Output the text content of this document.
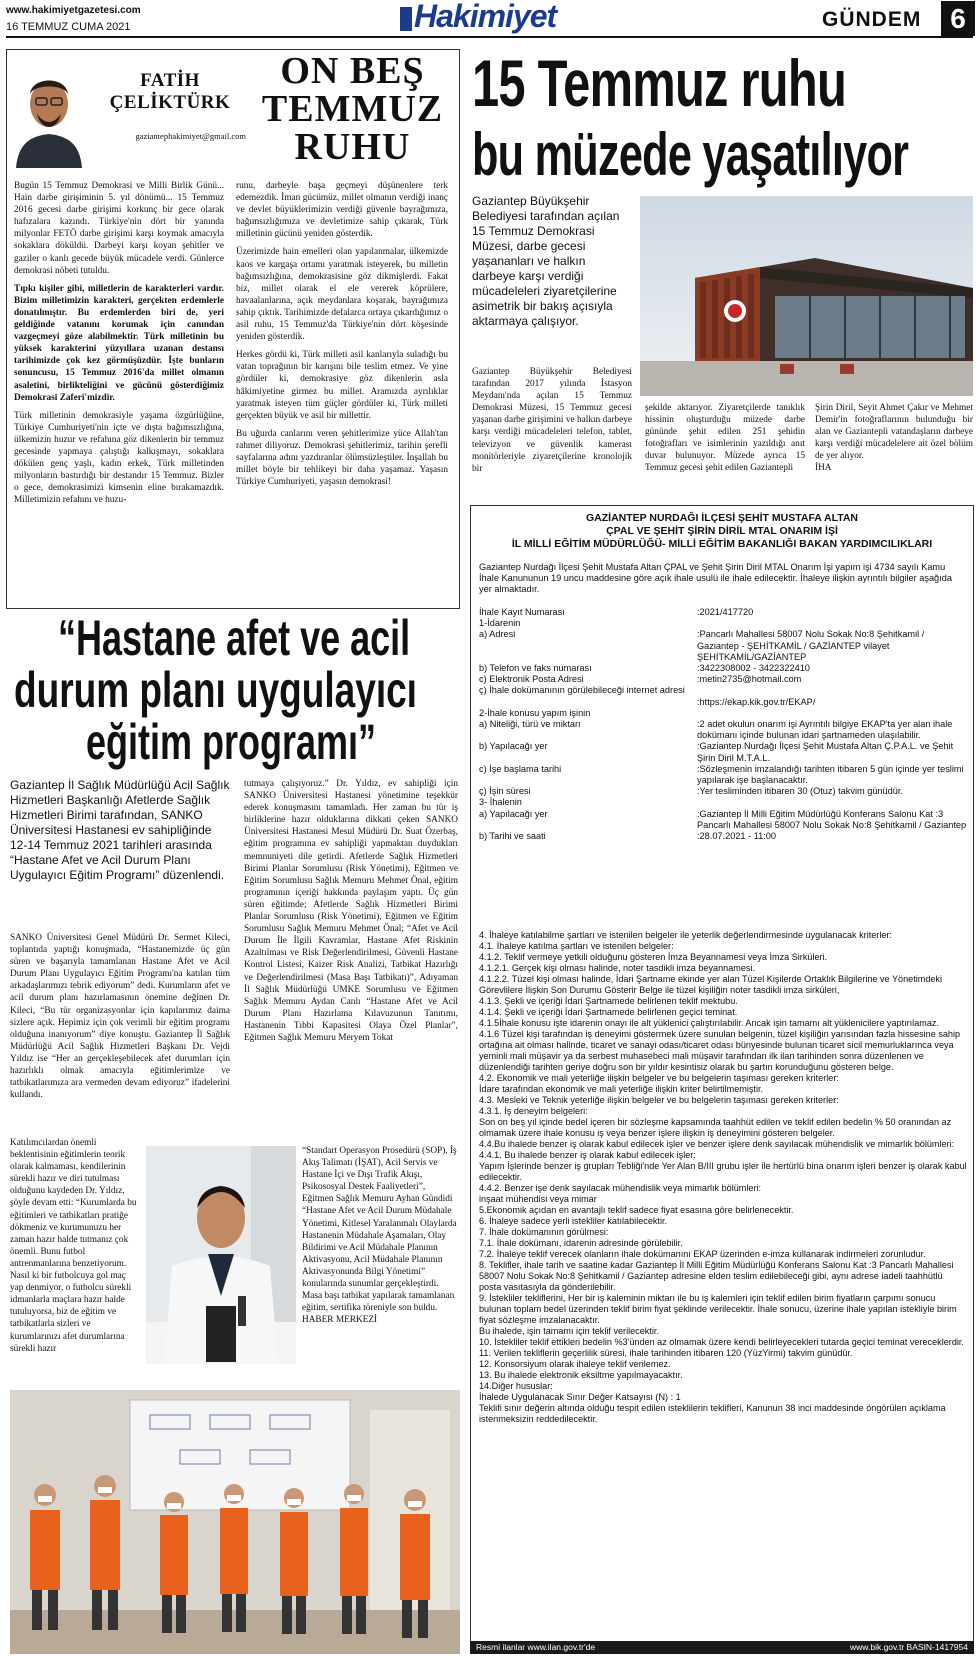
www.hakimiyetgazetesi.com
16 TEMMUZ CUMA 2021	Hakimiyet	GÜNDEM	6
FATİH
ÇELİKTÜRK
gaziantephakimiyet@gmail.com
ON BEŞ
TEMMUZ
RUHU

Bugün 15 Temmuz Demokrasi ve Milli Birlik Günü... Hain darbe girişiminin 5. yıl dönümü... 15 Temmuz 2016 gecesi darbe girişimi korkunç bir gece olarak hafızalara kazındı. Türkiye'nin dört bir yanında milyonlar FETÖ darbe girişimi karşı koymak amacıyla sokaklara döküldü. Darbeyi karşı koyan şehitler ve gaziler o kanlı gecede büyük mücadele verdi. Günlerce demokrasi nöbeti tutuldu.

Tıpkı kişiler gibi, milletlerin de karakterleri vardır. Bizim milletimizin karakteri, gerçekten erdemlerle donatılmıştır. Bu erdemlerden biri de, yeri geldiğinde vatanını korumak için canından vazgeçmeyi göze alabilmektir. Türk milletinin bu yüksek karakterini yüzyıllara uzanan destansı tarihimizde çok kez görmüşüzdür. İşte bunların sonuncusu, 15 Temmuz 2016'da millet olmanın asaletini, birlikteliğini ve gücünü gösterdiğimiz Demokrasi Zaferi'mizdir.

Türk milletinin demokrasiyle yaşama özgürlüğüne, Türkiye Cumhuriyeti'nin içte ve dışta bağımsızlığına, ülkemizin huzur ve refahına göz dikenlerin bir temmuz gecesinde yapmaya çalıştığı kalkışmayı, sokaklara dökülen genç yaşlı, kadın erkek, Türk milletinden milyonların bastırdığı bir destandır 15 Temmuz. Bizler o gece, demokrasimizi kimsenin eline bırakamazdık. Milletimizin refahını ve huzu-

runu, darbeyle başa geçmeyi düşünenlere terk edemezdik. İman gücümüz, millet olmanın verdiği inanç ve devlet büyüklerimizin verdiği güvenle bayrağımıza, bağımsızlığımıza ve devletimize sahip çıkarak, Türk milletinin gücünü yeniden gösterdik.

Üzerimizde hain emelleri olan yapılanmalar, ülkemizde kaos ve kargaşa ortamı yaratmak isteyerek, bu milletin bağımsızlığına, demokrasisine göz dikmişlerdi. Fakat biz, millet olarak el ele vererek köprülere, havaalanlarına, açık meydanlara koşarak, bayrağımıza sahip çıktık. Tarihimizde defalarca ortaya çıkardığımız o asil ruhu, 15 Temmuz'da Türkiye'nin dört köşesinde yeniden gösterdik.

Herkes gördü ki, Türk milleti asil kanlarıyla suladığı bu vatan toprağının bir karışını bile teslim etmez. Ve yine gördüler ki, demokrasiye göz dikenlerin asla hâkimiyetine girmez bu millet. Aramızda ayrılıklar yaratmak isteyen tüm güçler gördüler ki, Türk milleti gerçekten büyük ve asil bir millettir.

Bu uğurda canlarını veren şehitlerimize yüce Allah'tan rahmet diliyoruz. Demokrasi şehitlerimiz, tarihin şerefli sayfalarına adını yazdıranlar ölümsüzleştiler. İnşallah bu millet böyle bir tehlikeyi bir daha yaşamaz. Yaşasın Türkiye Cumhuriyeti, yaşasın demokrasi!

15 Temmuz ruhu
bu müzede yaşatılıyor
Gaziantep Büyükşehir Belediyesi tarafından açılan 15 Temmuz Demokrasi Müzesi, darbe gecesi yaşananları ve halkın darbeye karşı verdiği mücadeleleri ziyaretçilerine asimetrik bir bakış açısıyla aktarmaya çalışıyor.
Gaziantep Büyükşehir Belediyesi tarafından 2017 yılında İstasyon Meydanı'nda açılan 15 Temmuz Demokrasi Müzesi, 15 Temmuz gecesi yaşanan darbe girişimini ve halkın darbeye karşı verdiği mücadeleleri telefon, tablet, televizyon ve güvenlik kamerası monitörleriyle ziyaretçilerine kronolojik bir
şekilde aktarıyor. Ziyaretçilerde tanıklık hissinin oluşturduğu müzede darbe gününde şehit edilen 251 şehidin fotoğrafları ve isimlerinin yazıldığı anıt duvar bulunuyor. Müzede ayrıca 15 Temmuz gecesi şehit edilen Gaziantepli
Şirin Diril, Seyit Ahmet Çakır ve Mehmet Demir'in fotoğraflarının bulunduğu bir alan ve Gaziantepli vatandaşların darbeye karşı verdiği mücadelelere ait özel bölüm de yer alıyor.
İHA
“Hastane afet ve acil
durum planı uygulayıcı
eğitim programı”
Gaziantep İl Sağlık Müdürlüğü Acil Sağlık Hizmetleri Başkanlığı Afetlerde Sağlık Hizmetleri Birimi tarafından, SANKO Üniversitesi Hastanesi ev sahipliğinde 12-14 Temmuz 2021 tarihleri arasında “Hastane Afet ve Acil Durum Planı Uygulayıcı Eğitim Programı” düzenlendi.
SANKO Üniversitesi Genel Müdürü Dr. Sermet Kileci, toplantıda yaptığı konuşmada, “Hastanemizde üç gün süren ve başarıyla tamamlanan Hastane Afet ve Acil Durum Planı Uygulayıcı Eğitim Programı'na katılan tüm arkadaşlarımızı tebrik ediyorum” dedi. Kurumların afet ve acil durum planı hazırlamasının önemine değinen Dr. Kileci, “Bu tür organizasyonlar için kapılarımız daima sizlere açık. Hepimiz için çok verimli bir eğitim programı olduğuna inanıyorum” diye konuştu. Gaziantep İl Sağlık Müdürlüğü Acil Sağlık Hizmetleri Başkanı Dr. Vejdi Yıldız ise “Her an gerçekleşebilecek afet durumları için hazırlıklı olmak amacıyla eğitimlerimize ve tatbikatlarımıza ara vermeden devam ediyoruz” ifadelerini kullandı.
Katılımcılardan önemli beklentisinin eğitimlerin teorik olarak kalmaması, kendilerinin sürekli hazır ve diri tutulması olduğunu kaydeden Dr. Yıldız, şöyle devam etti: “Kurumlarda bu eğitimleri ve tatbikatları pratiğe dökmeniz ve kurumunuzu her zaman hazır halde tutmanız çok önemli. Bunu futbol antrenmanlarına benzetiyorum. Nasıl ki bir futbolcuya gol maç yap denmiyor, o futbolcu sürekli idmanlarla maçlara hazır halde tutuluyorsa, biz de eğitim ve tatbikatlarla sizleri ve kurumlarınızı afet durumlarına sürekli hazır
tutmaya çalışıyoruz.” Dr. Yıldız, ev sahipliği için SANKO Üniversitesi Hastanesi yönetimine teşekkür ederek konuşmasını tamamladı. Her zaman bu tür iş birliklerine hazır olduklarına dikkati çeken SANKO Üniversitesi Hastanesi Mesul Müdürü Dr. Suat Özerbaş, eğitim programına ev sahipliği yapmaktan duydukları memnuniyeti dile getirdi. Afetlerde Sağlık Hizmetleri Birimi Planlar Sorumlusu (Risk Yönetimi), Eğitmen ve Eğitim Sorumlusu Sağlık Memuru Mehmet Önal, eğitim programının içeriği hakkında paylaşım yaptı. Üç gün süren eğitimde; Afetlerde Sağlık Hizmetleri Birimi Planlar Sorumlusu (Risk Yönetimi), Eğitmen ve Eğitim Sorumlusu Sağlık Memuru Mehmet Önal; “Afet ve Acil Durum İle İlgili Kavramlar, Hastane Afet Riskinin Azaltılması ve Risk Değerlendirilmesi, Güvenli Hastane Kontrol Listesi, Kaizer Risk Analizi, Tatbikat Hazırlığı ve Değerlendirilmesi (Masa Başı Tatbikatı)”, Adıyaman İl Sağlık Müdürlüğü UMKE Sorumlusu ve Eğitmen Sağlık Memuru Aydan Canlı “Hastane Afet ve Acil Durum Planı Hazırlama Kılavuzunun Tanıtımı, Hastanenin Tıbbi Kapasitesi Olaya Özel Planlar”, Eğitmen Sağlık Memuru Meryem Tokat
“Standart Operasyon Prosedürü (SOP), İş Akış Talimatı (İŞAT), Acil Servis ve Hastane İçi ve Dışı Trafik Akışı, Psikososyal Destek Faaliyetleri”, Eğitmen Sağlık Memuru Ayhan Gündidi “Hastane Afet ve Acil Durum Müdahale Yönetimi, Kitlesel Yaralanmalı Olaylarda Hastanenin Müdahale Aşamaları, Olay Bildirimi ve Acil Müdahale Planının Aktivasyonu, Acil Müdahale Planının Aktivasyonunda Bilgi Yönetimi” konularında sunumlar gerçekleştirdi. Masa başı tatbikat yapılarak tamamlanan eğitim, sertifika töreniyle son buldu.
HABER MERKEZİ
GAZİANTEP NURDAĞI İLÇESİ ŞEHİT MUSTAFA ALTAN
ÇPAL VE ŞEHİT ŞİRİN DİRİL MTAL ONARIM İŞİ
İL MİLLİ EĞİTİM MÜDÜRLÜĞÜ- MİLLİ EĞİTİM BAKANLIĞI BAKAN YARDIMCILIKLARI
Gaziantep Nurdağı İlçesi Şehit Mustafa Altan ÇPAL ve Şehit Şirin Diril MTAL Onarım İşi yapım işi 4734 sayılı Kamu İhale Kanununun 19 uncu maddesine göre açık ihale usulü ile ihale edilecektir. İhaleye ilişkin ayrıntılı bilgiler aşağıda yer almaktadır.
İhale Kayıt Numarası	:2021/417720
1-İdarenin
a) Adresi	:Pancarlı Mahallesi 58007 Nolu Sokak No:8 Şehitkamil / Gaziantep - ŞEHİTKAMİL / GAZİANTEP vilayet ŞEHİTKAMİL/GAZİANTEP
b) Telefon ve faks numarası	:3422308002 - 3422322410
c) Elektronik Posta Adresi	:metin2735@hotmail.com
ç) İhale dokümanının görülebileceği internet adresi
:https://ekap.kik.gov.tr/EKAP/
2-İhale konusu yapım işinin
a) Niteliği, türü ve miktarı	:2 adet okulun onarım işi Ayrıntılı bilgiye EKAP'ta yer alan ihale dokümanı içinde bulunan idari şartnameden ulaşılabilir.
b) Yapılacağı yer	:Gaziantep Nurdağı İlçesi Şehit Mustafa Altan Ç.P.A.L. ve Şehit Şirin Diril M.T.A.L.
c) İşe başlama tarihi	:Sözleşmenin imzalandığı tarihten itibaren 5 gün içinde yer teslimi yapılarak işe başlanacaktır.
ç) İşin süresi	:Yer tesliminden itibaren 30 (Otuz) takvim günüdür.
3- İhalenin
a) Yapılacağı yer	:Gaziantep İl Milli Eğitim Müdürlüğü Konferans Salonu Kat :3 Pancarlı Mahallesi 58007 Nolu Sokak No:8 Şehitkamil / Gaziantep
b) Tarihi ve saati	:28.07.2021 - 11:00

4. İhaleye katılabilme şartları ve istenilen belgeler ile yeterlik değerlendirmesinde uygulanacak kriterler:

4.1. İhaleye katılma şartları ve istenilen belgeler:

4.1.2. Teklif vermeye yetkili olduğunu gösteren İmza Beyannamesi veya İmza Sirküleri.

4.1.2.1. Gerçek kişi olması halinde, noter tasdikli imza beyannamesi.

4.1.2.2. Tüzel kişi olması halinde, İdari Şartname ekinde yer alan Tüzel Kişilerde Ortaklık Bilgilerine ve Yönetimdeki Görevlilere İlişkin Son Durumu Gösterir Belge ile tüzel kişiliğin noter tasdikli imza sirküleri,

4.1.3. Şekli ve içeriği İdari Şartnamede belirlenen teklif mektubu.

4.1.4. Şekli ve içeriği İdari Şartnamede belirlenen geçici teminat.

4.1.5İhale konusu işte idarenin onayı ile alt yüklenici çalıştırılabilir. Ancak işin tamamı alt yüklenicilere yaptırılamaz.

4.1.6 Tüzel kişi tarafından iş deneyimi göstermek üzere sunulan belgenin, tüzel kişiliğin yarısından fazla hissesine sahip ortağına ait olması halinde, ticaret ve sanayi odası/ticaret odası bünyesinde bulunan ticaret sicil memurluklarınca veya yeminli mali müşavir ya da serbest muhasebeci mali müşavir tarafından ilk ilan tarihinden sonra düzenlenen ve düzenlendiği tarihten geriye doğru son bir yıldır kesintisiz olarak bu şartın korunduğunu gösteren belge.

4.2. Ekonomik ve mali yeterliğe ilişkin belgeler ve bu belgelerin taşıması gereken kriterler:

İdare tarafından ekonomik ve mali yeterliğe ilişkin kriter belirtilmemiştir.

4.3. Mesleki ve Teknik yeterliğe ilişkin belgeler ve bu belgelerin taşıması gereken kriterler:

4.3.1. İş deneyim belgeleri:

Son on beş yıl içinde bedel içeren bir sözleşme kapsamında taahhüt edilen ve teklif edilen bedelin % 50 oranından az olmamak üzere ihale konusu iş veya benzer işlere ilişkin iş deneyimini gösteren belgeler.

4.4.Bu ihalede benzer iş olarak kabul edilecek işler ve benzer işlere denk sayılacak mühendislik ve mimarlık bölümleri:

4.4.1. Bu ihalede benzer iş olarak kabul edilecek işler:

Yapım İşlerinde benzer iş grupları Tebliği'nde Yer Alan B/III grubu işler ile hertürlü bina onarım işleri benzer iş olarak kabul edilecektir.

4.4.2. Benzer işe denk sayılacak mühendislik veya mimarlık bölümleri:

inşaat mühendisi veya mimar

5.Ekonomik açıdan en avantajlı teklif sadece fiyat esasına göre belirlenecektir.

6. İhaleye sadece yerli istekliler katılabilecektir.

7. İhale dokümanının görülmesi:

7.1. İhale dokümanı, idarenin adresinde görülebilir.

7.2. İhaleye teklif verecek olanların ihale dokümanını EKAP üzerinden e-imza kullanarak indirmeleri zorunludur.

8. Teklifler, ihale tarih ve saatine kadar Gaziantep İl Milli Eğitim Müdürlüğü Konferans Salonu Kat :3 Pancarlı Mahallesi 58007 Nolu Sokak No:8 Şehitkamil / Gaziantep adresine elden teslim edilebileceği gibi, aynı adrese iadeli taahhütlü posta vasıtasıyla da gönderilebilir.

9. İstekliler tekliflerini, Her bir iş kaleminin miktarı ile bu iş kalemleri için teklif edilen birim fiyatların çarpımı sonucu bulunan toplam bedel üzerinden teklif birim fiyat şeklinde verilecektir. İhale sonucu, üzerine ihale yapılan istekliyle birim fiyat sözleşme imzalanacaktır.

Bu ihalede, işin tamamı için teklif verilecektir.

10. İstekliler teklif ettikleri bedelin %3'ünden az olmamak üzere kendi belirleyecekleri tutarda geçici teminat vereceklerdir.

11. Verilen tekliflerin geçerlilik süresi, ihale tarihinden itibaren 120 (YüzYirmi) takvim günüdür.

12. Konsorsiyum olarak ihaleye teklif verilemez.

13. Bu ihalede elektronik eksiltme yapılmayacaktır.

14.Diğer hususlar:

İhalede Uygulanacak Sınır Değer Katsayısı (N) : 1

Teklifi sınır değerin altında olduğu tespit edilen isteklilerin teklifleri, Kanunun 38 inci maddesinde öngörülen açıklama istenmeksizin reddedilecektir.

Resmi ilanlar www.ilan.gov.tr'de	www.bik.gov.tr BASIN-1417954
